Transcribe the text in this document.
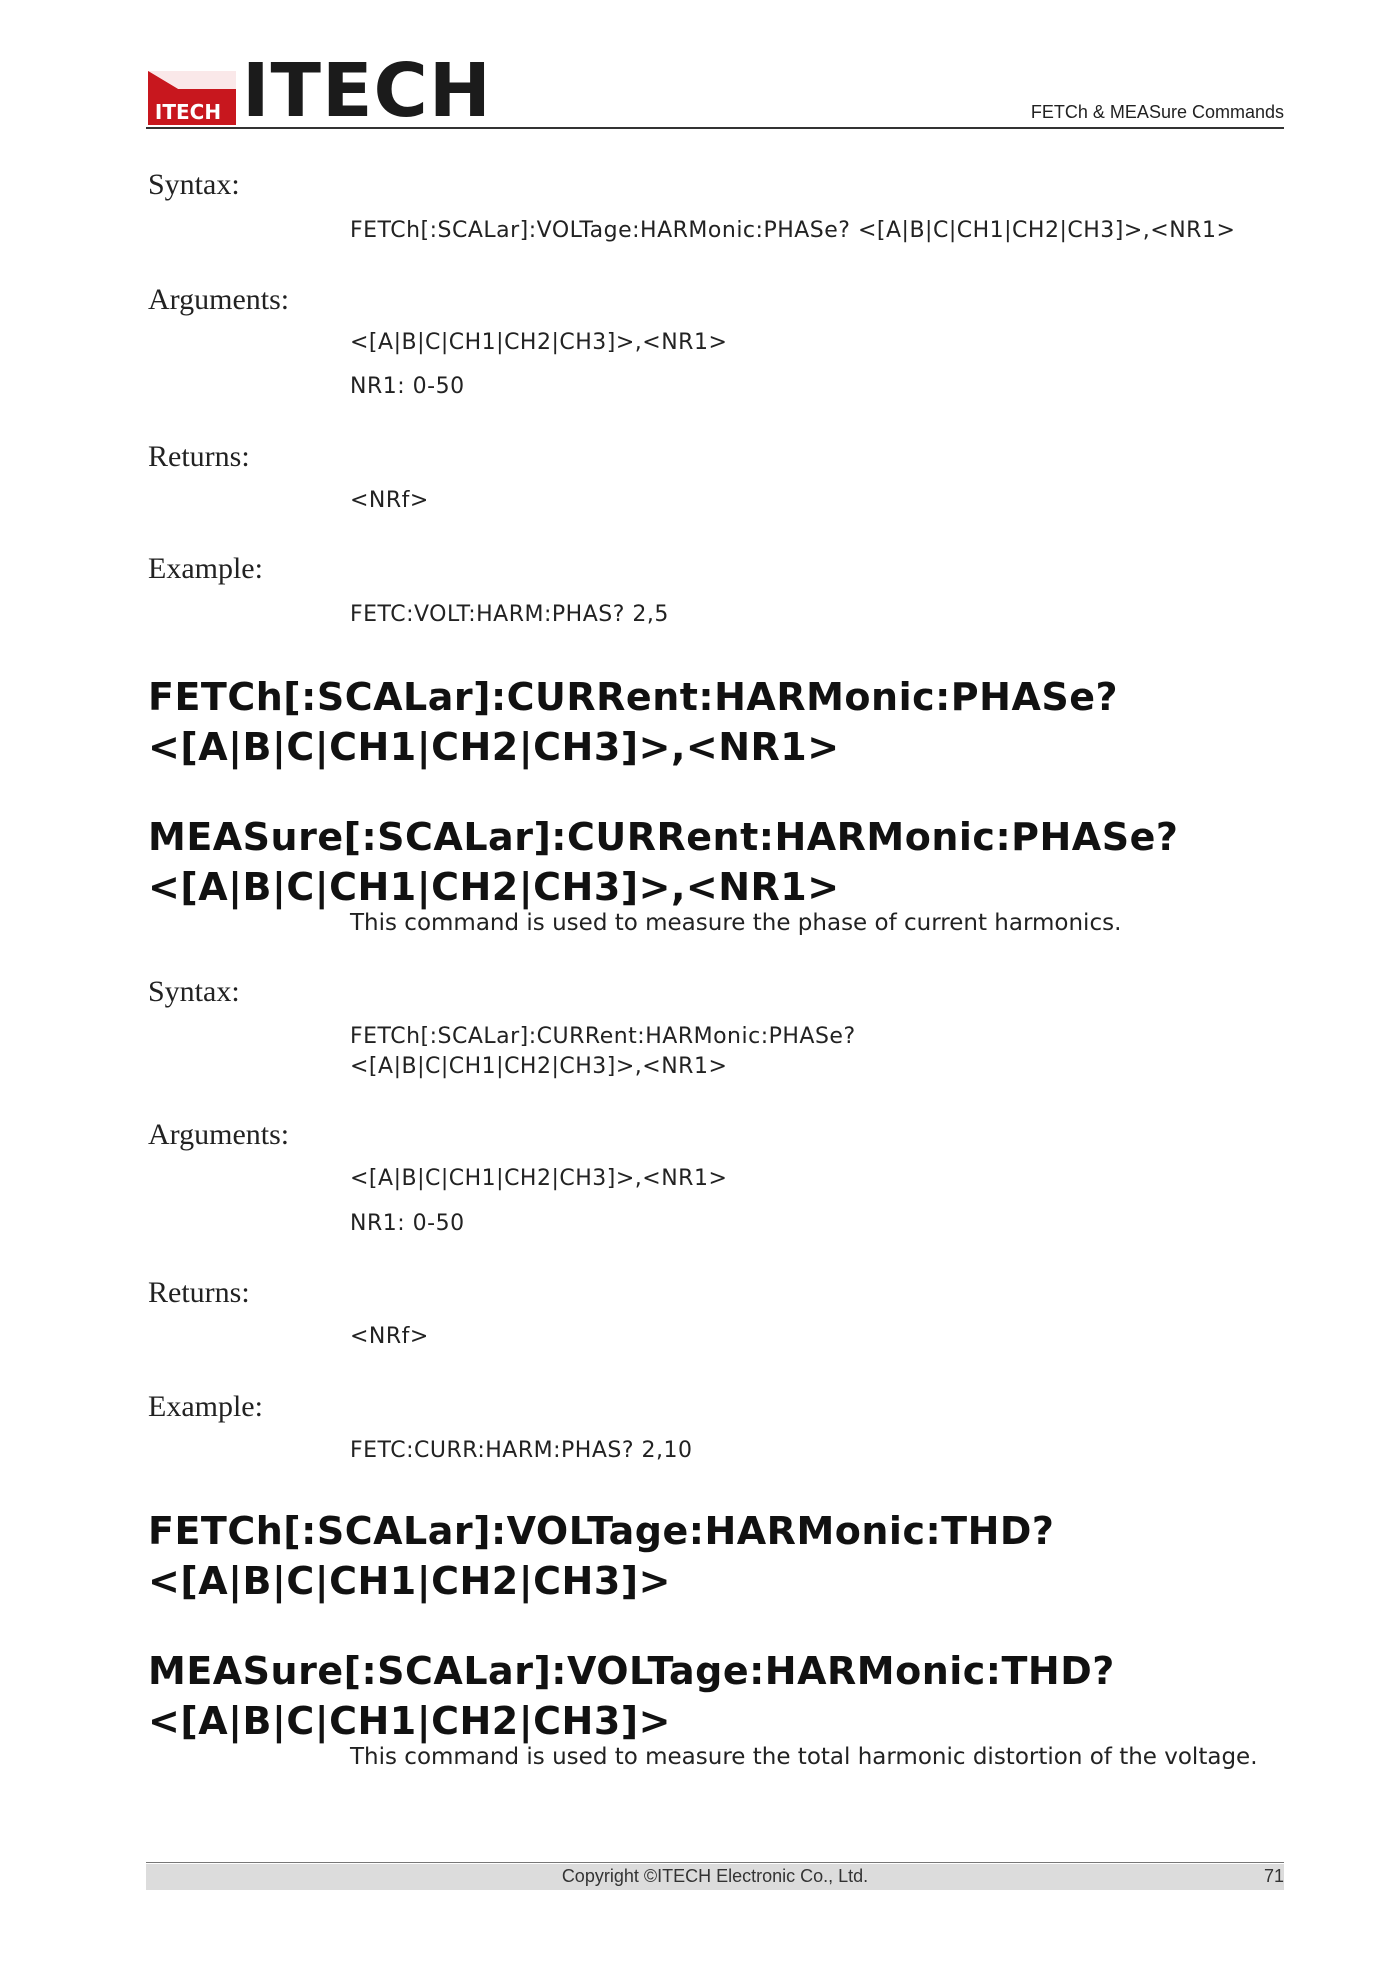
ITECH ITECH	FETCh & MEASure Commands
Syntax:
FETCh[:SCALar]:VOLTage:HARMonic:PHASe? <[A|B|C|CH1|CH2|CH3]>,<NR1>
Arguments:
<[A|B|C|CH1|CH2|CH3]>,<NR1>
NR1: 0-50
Returns:
<NRf>
Example:
FETC:VOLT:HARM:PHAS? 2,5
FETCh[:SCALar]:CURRent:HARMonic:PHASe?
<[A|B|C|CH1|CH2|CH3]>,<NR1>
MEASure[:SCALar]:CURRent:HARMonic:PHASe?
<[A|B|C|CH1|CH2|CH3]>,<NR1>
This command is used to measure the phase of current harmonics.
Syntax:
FETCh[:SCALar]:CURRent:HARMonic:PHASe?
<[A|B|C|CH1|CH2|CH3]>,<NR1>
Arguments:
<[A|B|C|CH1|CH2|CH3]>,<NR1>
NR1: 0-50
Returns:
<NRf>
Example:
FETC:CURR:HARM:PHAS? 2,10
FETCh[:SCALar]:VOLTage:HARMonic:THD?
<[A|B|C|CH1|CH2|CH3]>
MEASure[:SCALar]:VOLTage:HARMonic:THD?
<[A|B|C|CH1|CH2|CH3]>
This command is used to measure the total harmonic distortion of the voltage.
Copyright ©ITECH Electronic Co., Ltd.	71
